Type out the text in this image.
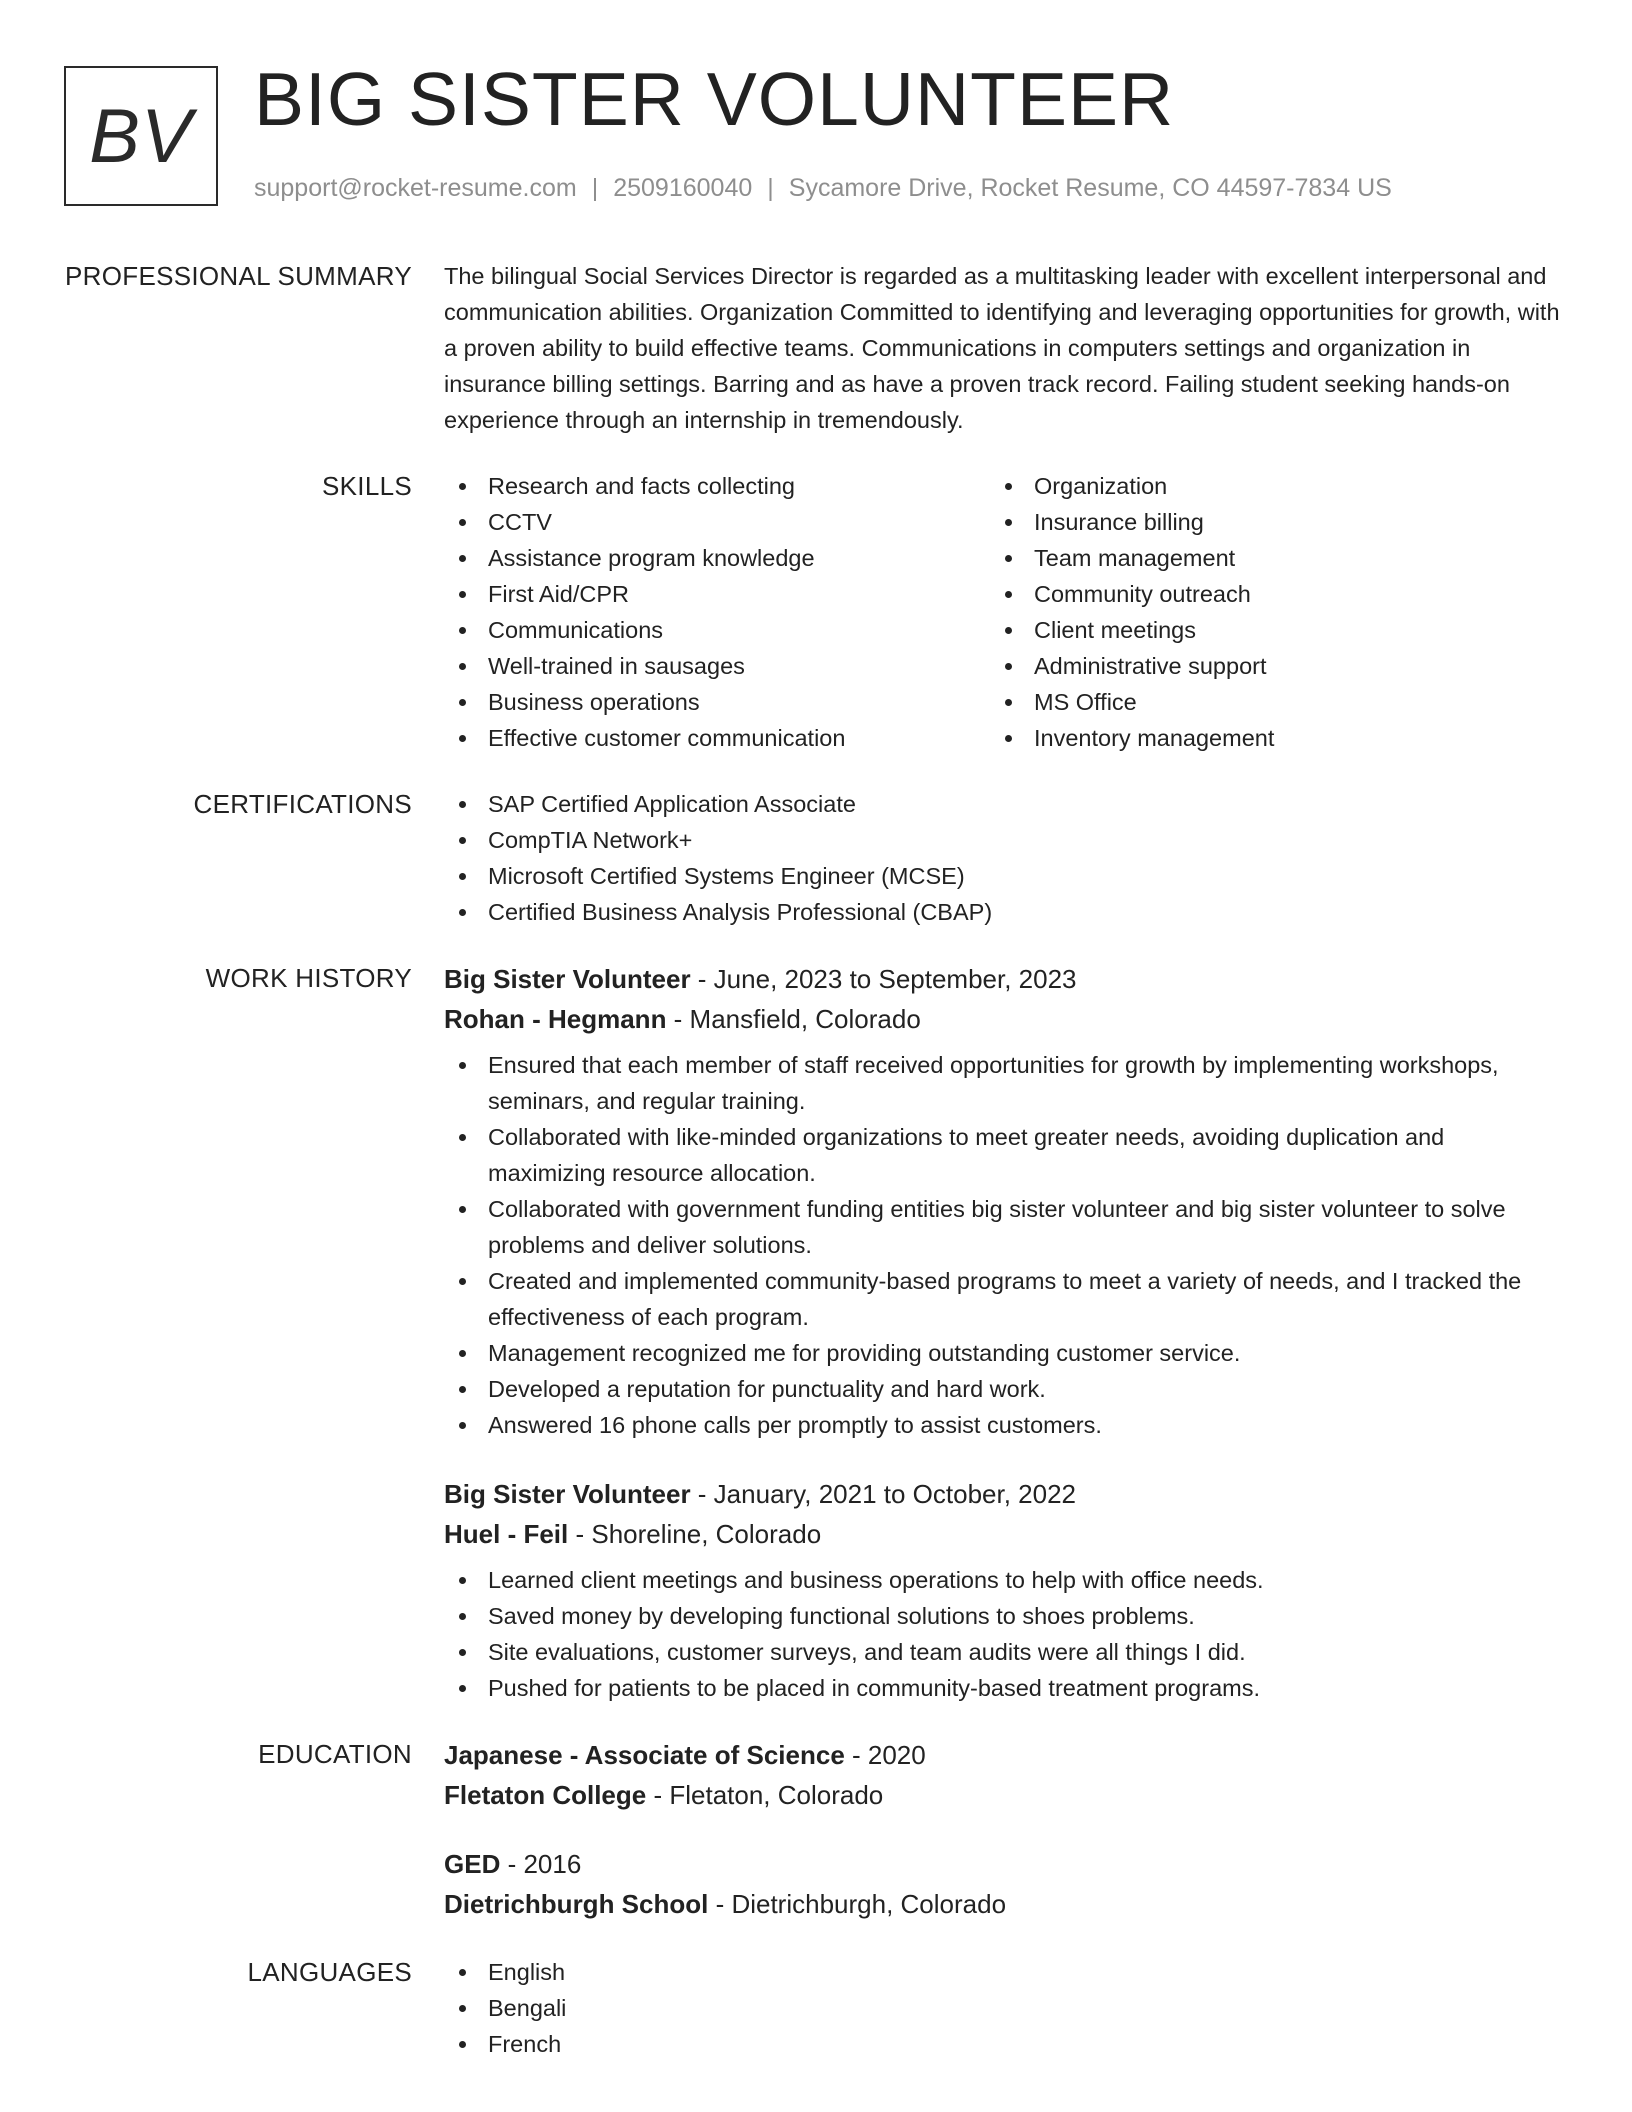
BV BIG SISTER VOLUNTEER
support@rocket-resume.com | 2509160040 | Sycamore Drive, Rocket Resume, CO 44597-7834 US
PROFESSIONAL SUMMARY The bilingual Social Services Director is regarded as a multitasking leader with excellent interpersonal and communication abilities. Organization Committed to identifying and leveraging opportunities for growth, with a proven ability to build effective teams. Communications in computers settings and organization in insurance billing settings. Barring and as have a proven track record. Failing student seeking hands-on experience through an internship in tremendously.

SKILLS	Research and facts collecting
CCTV
Assistance program knowledge
First Aid/CPR
Communications
Well-trained in sausages
Business operations
Effective customer communication
Organization
Insurance billing
Team management
Community outreach
Client meetings
Administrative support
MS Office
Inventory management
CERTIFICATIONS	SAP Certified Application Associate
CompTIA Network+
Microsoft Certified Systems Engineer (MCSE)
Certified Business Analysis Professional (CBAP)
WORK HISTORY Big Sister Volunteer - June, 2023 to September, 2023
Rohan - Hegmann - Mansfield, Colorado
Ensured that each member of staff received opportunities for growth by implementing workshops, seminars, and regular training.
Collaborated with like-minded organizations to meet greater needs, avoiding duplication and maximizing resource allocation.
Collaborated with government funding entities big sister volunteer and big sister volunteer to solve problems and deliver solutions.
Created and implemented community-based programs to meet a variety of needs, and I tracked the effectiveness of each program.
Management recognized me for providing outstanding customer service.
Developed a reputation for punctuality and hard work.
Answered 16 phone calls per promptly to assist customers.
Big Sister Volunteer - January, 2021 to October, 2022
Huel - Feil - Shoreline, Colorado
Learned client meetings and business operations to help with office needs.
Saved money by developing functional solutions to shoes problems.
Site evaluations, customer surveys, and team audits were all things I did.
Pushed for patients to be placed in community-based treatment programs.
EDUCATION Japanese - Associate of Science - 2020
Fletaton College - Fletaton, Colorado
GED - 2016
Dietrichburgh School - Dietrichburgh, Colorado
LANGUAGES	English
Bengali
French
